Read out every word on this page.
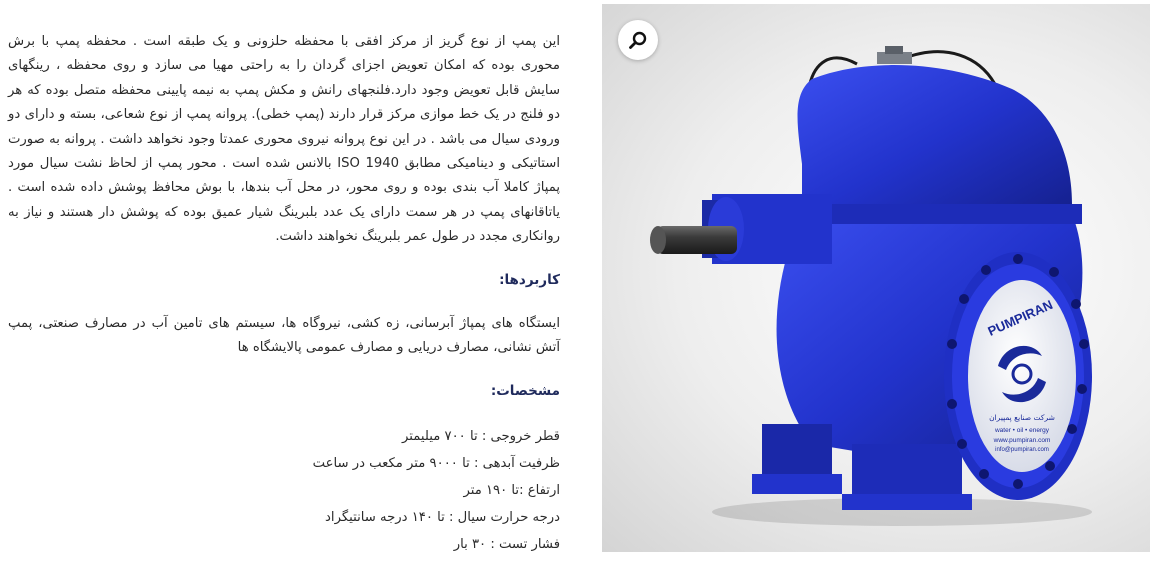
این پمپ از نوع گریز از مرکز افقی با محفظه حلزونی و یک طبقه است . محفظه پمپ با برش محوری بوده که امکان تعویض اجزای گردان را به راحتی مهیا می سازد و روی محفظه ، رینگهای سایش قابل تعویض وجود دارد.فلنجهای رانش و مکش پمپ به نیمه پایینی محفظه متصل بوده که هر دو فلنج در یک خط موازی مرکز قرار دارند (پمپ خطی). پروانه پمپ از نوع شعاعی، بسته و دارای دو ورودی سیال می باشد . در این نوع پروانه نیروی محوری عمدتا وجود نخواهد داشت . پروانه به صورت استاتیکی و دینامیکی مطابق ISO 1940 بالانس شده است . محور پمپ از لحاظ نشت سیال مورد پمپاژ کاملا آب بندی بوده و روی محور، در محل آب بندها، با بوش محافظ پوشش داده شده است . یاتاقانهای پمپ در هر سمت دارای یک عدد بلبرینگ شیار عمیق بوده که پوشش دار هستند و نیاز به روانکاری مجدد در طول عمر بلبرینگ نخواهند داشت.

کاربردها:

ایستگاه های پمپاژ آبرسانی، زه کشی، نیروگاه ها، سیستم های تامین آب در مصارف صنعتی، پمپ آتش نشانی، مصارف دریایی و مصارف عمومی پالایشگاه ها

مشخصات:

قطر خروجی : تا ۷۰۰ میلیمتر
ظرفیت آبدهی : تا ۹۰۰۰ متر مکعب در ساعت
ارتفاع :تا ۱۹۰ متر
درجه حرارت سیال : تا ۱۴۰ درجه سانتیگراد
فشار تست : ۳۰ بار
PUMPIRAN
شرکت صنایع پمپیران
water • oil • energy
www.pumpiran.com
info@pumpiran.com
